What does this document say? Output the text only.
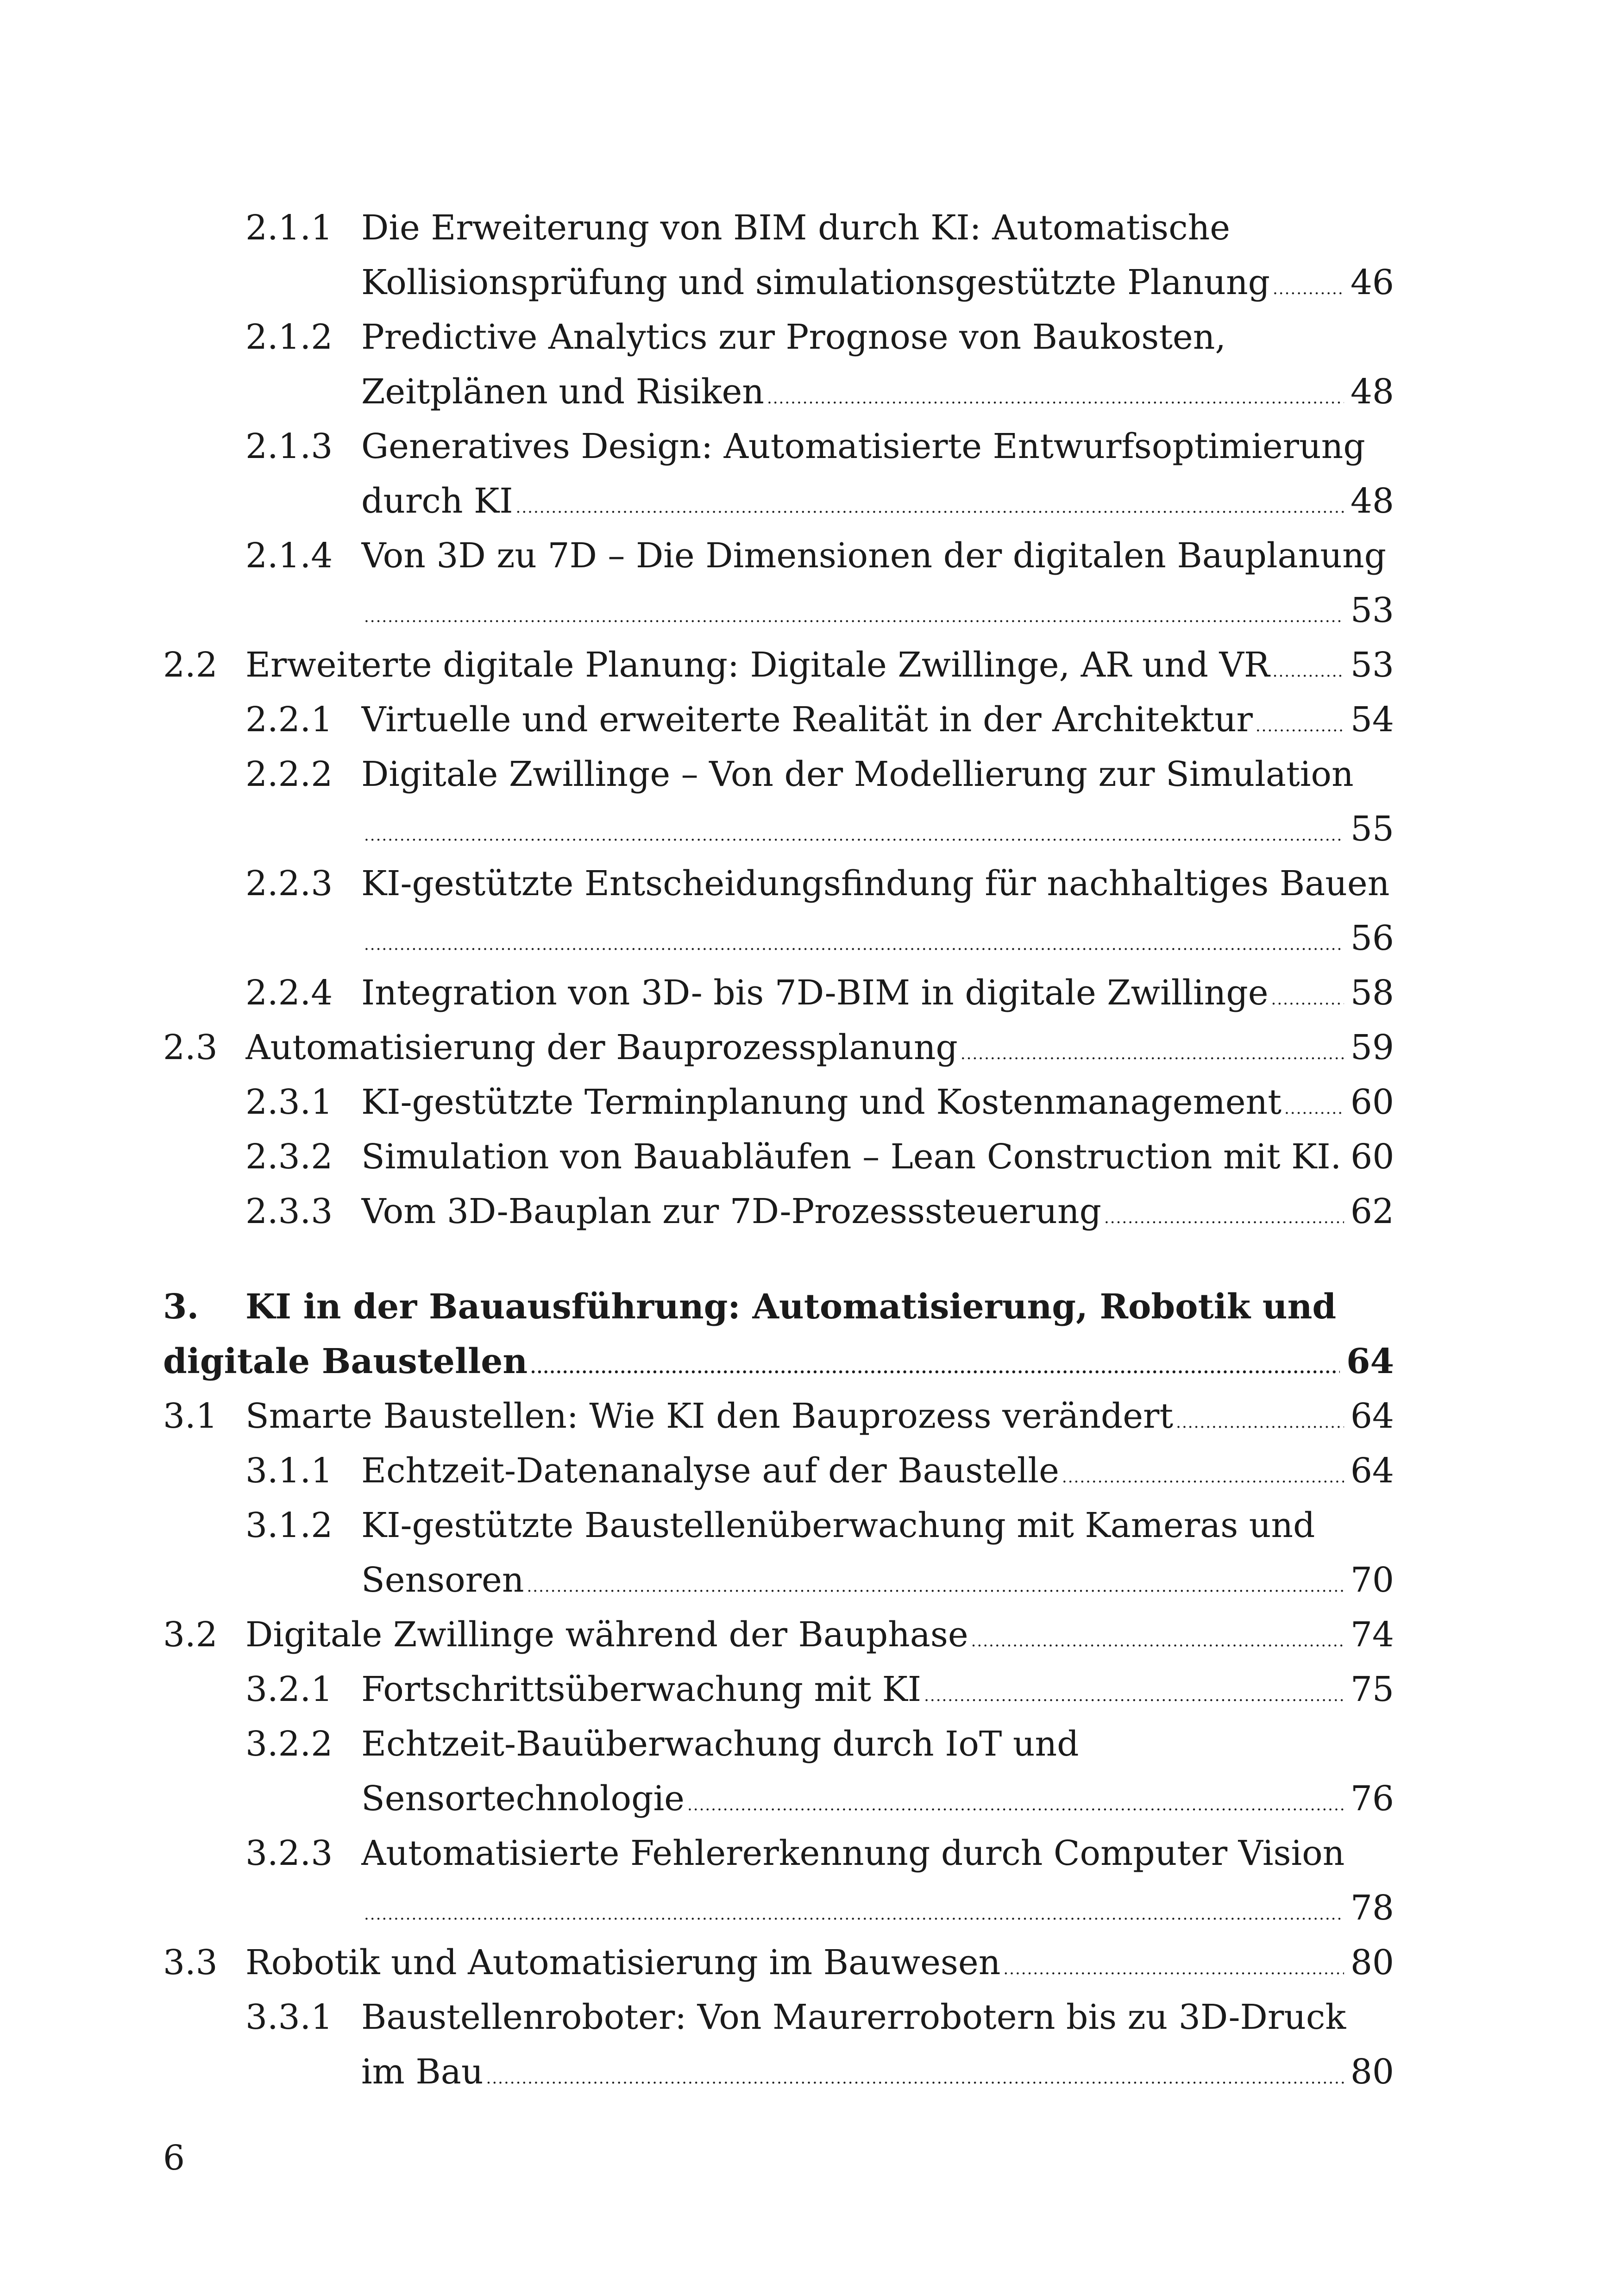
2.1.1 Die Erweiterung von BIM durch KI: Automatische
Kollisionsprüfung und simulationsgestützte Planung ..... 46
2.1.2 Predictive Analytics zur Prognose von Baukosten,
Zeitplänen und Risiken .....	48
2.1.3 Generatives Design: Automatisierte Entwurfsoptimierung
durch KI .....	48
2.1.4 Von 3D zu 7D – Die Dimensionen der digitalen Bauplanung
.....
53
2.2 Erweiterte digitale Planung: Digitale Zwillinge, AR und VR ..... 53
2.2.1 Virtuelle und erweiterte Realität in der Architektur .....	54
2.2.2 Digitale Zwillinge – Von der Modellierung zur Simulation
.....
55
2.2.3 KI-gestützte Entscheidungsfindung für nachhaltiges Bauen
.....
56
2.2.4 Integration von 3D- bis 7D-BIM in digitale Zwillinge ..... 58
2.3 Automatisierung der Bauprozessplanung .....	59
2.3.1 KI-gestützte Terminplanung und Kostenmanagement ..... 60
2.3.2 Simulation von Bauabläufen – Lean Construction mit KI. 60
2.3.3 Vom 3D-Bauplan zur 7D-Prozesssteuerung .....	62
3. KI in der Bauausführung: Automatisierung, Robotik und
digitale Baustellen .....	64
3.1 Smarte Baustellen: Wie KI den Bauprozess verändert .....	64
3.1.1 Echtzeit-Datenanalyse auf der Baustelle .....	64
3.1.2 KI-gestützte Baustellenüberwachung mit Kameras und
Sensoren .....	70
3.2 Digitale Zwillinge während der Bauphase .....	74
3.2.1 Fortschrittsüberwachung mit KI .....	75
3.2.2 Echtzeit-Bauüberwachung durch IoT und
Sensortechnologie .....	76
3.2.3 Automatisierte Fehlererkennung durch Computer Vision
.....
78
3.3 Robotik und Automatisierung im Bauwesen .....	80
3.3.1 Baustellenroboter: Von Maurerrobotern bis zu 3D-Druck
im Bau .....	80
6
